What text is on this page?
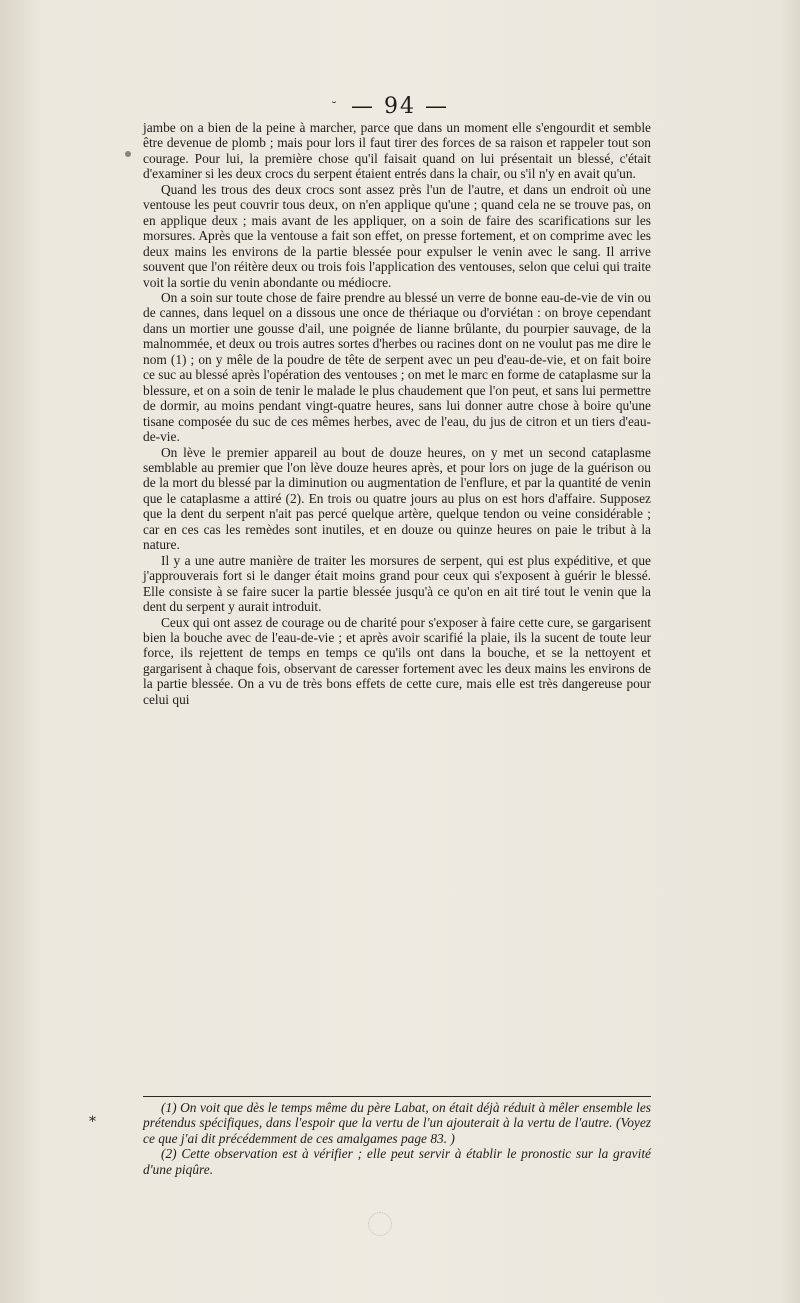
— 94 —
˘

jambe on a bien de la peine à marcher, parce que dans un moment elle s'engourdit et semble être devenue de plomb ; mais pour lors il faut tirer des forces de sa raison et rappeler tout son courage. Pour lui, la première chose qu'il faisait quand on lui présentait un blessé, c'était d'examiner si les deux crocs du serpent étaient entrés dans la chair, ou s'il n'y en avait qu'un.

Quand les trous des deux crocs sont assez près l'un de l'autre, et dans un endroit où une ventouse les peut couvrir tous deux, on n'en applique qu'une ; quand cela ne se trouve pas, on en applique deux ; mais avant de les appliquer, on a soin de faire des scarifications sur les morsures. Après que la ventouse a fait son effet, on presse fortement, et on comprime avec les deux mains les environs de la partie blessée pour expulser le venin avec le sang. Il arrive souvent que l'on réitère deux ou trois fois l'application des ventouses, selon que celui qui traite voit la sortie du venin abondante ou médiocre.

On a soin sur toute chose de faire prendre au blessé un verre de bonne eau-de-vie de vin ou de cannes, dans lequel on a dissous une once de thériaque ou d'orviétan : on broye cependant dans un mortier une gousse d'ail, une poignée de lianne brûlante, du pourpier sauvage, de la malnommée, et deux ou trois autres sortes d'herbes ou racines dont on ne voulut pas me dire le nom (1) ; on y mêle de la poudre de tête de serpent avec un peu d'eau-de-vie, et on fait boire ce suc au blessé après l'opération des ventouses ; on met le marc en forme de cataplasme sur la blessure, et on a soin de tenir le malade le plus chaudement que l'on peut, et sans lui permettre de dormir, au moins pendant vingt-quatre heures, sans lui donner autre chose à boire qu'une tisane composée du suc de ces mêmes herbes, avec de l'eau, du jus de citron et un tiers d'eau-de-vie.

On lève le premier appareil au bout de douze heures, on y met un second cataplasme semblable au premier que l'on lève douze heures après, et pour lors on juge de la guérison ou de la mort du blessé par la diminution ou augmentation de l'enflure, et par la quantité de venin que le cataplasme a attiré (2). En trois ou quatre jours au plus on est hors d'affaire. Supposez que la dent du serpent n'ait pas percé quelque artère, quelque tendon ou veine considérable ; car en ces cas les remèdes sont inutiles, et en douze ou quinze heures on paie le tribut à la nature.

Il y a une autre manière de traiter les morsures de serpent, qui est plus expéditive, et que j'approuverais fort si le danger était moins grand pour ceux qui s'exposent à guérir le blessé. Elle consiste à se faire sucer la partie blessée jusqu'à ce qu'on en ait tiré tout le venin que la dent du serpent y aurait introduit.

Ceux qui ont assez de courage ou de charité pour s'exposer à faire cette cure, se gargarisent bien la bouche avec de l'eau-de-vie ; et après avoir scarifié la plaie, ils la sucent de toute leur force, ils rejettent de temps en temps ce qu'ils ont dans la bouche, et se la nettoyent et gargarisent à chaque fois, observant de caresser fortement avec les deux mains les environs de la partie blessée. On a vu de très bons effets de cette cure, mais elle est très dangereuse pour celui qui

*

(1) On voit que dès le temps même du père Labat, on était déjà réduit à mêler ensemble les prétendus spécifiques, dans l'espoir que la vertu de l'un ajouterait à la vertu de l'autre. (Voyez ce que j'ai dit précédemment de ces amalgames page 83. )

(2) Cette observation est à vérifier ; elle peut servir à établir le pronostic sur la gravité d'une piqûre.
